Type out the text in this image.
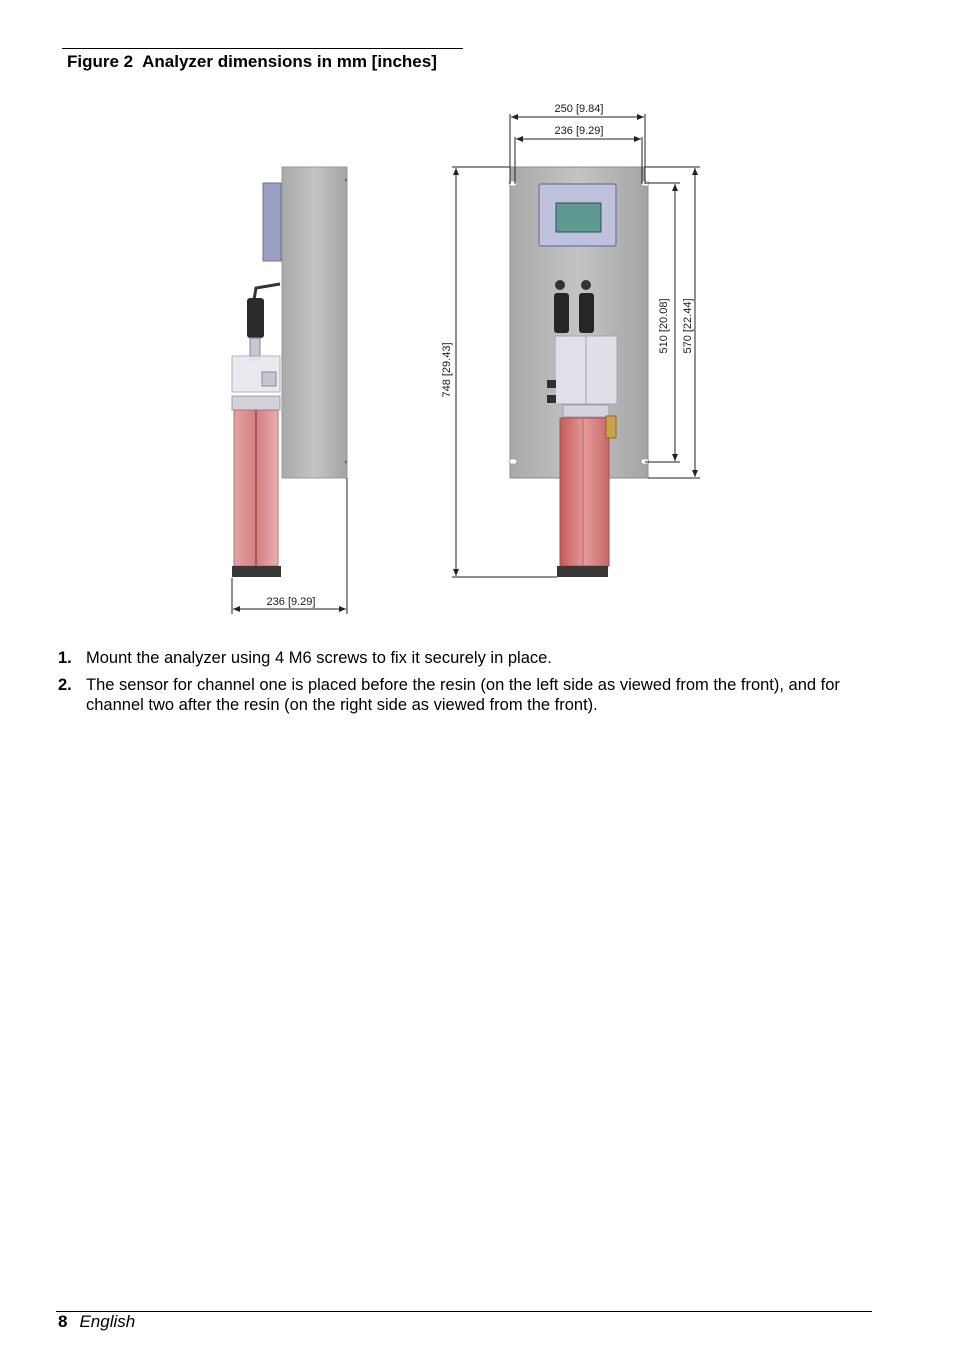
Figure 2 Analyzer dimensions in mm [inches]
236 [9.29]
250 [9.84]
236 [9.29]
748 [29.43]
510 [20.08] 570 [22.44]
1. Mount the analyzer using 4 M6 screws to fix it securely in place.
2. The sensor for channel one is placed before the resin (on the left side as viewed from the front), and for channel two after the resin (on the right side as viewed from the front).
8 English
